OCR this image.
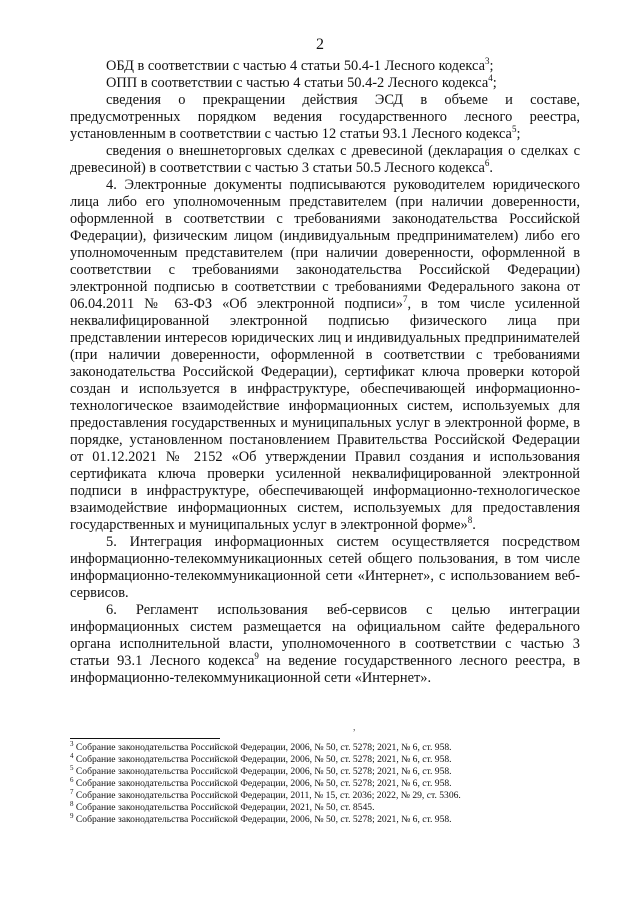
2

ОБД в соответствии с частью 4 статьи 50.4-1 Лесного кодекса$^3$;

ОПП в соответствии с частью 4 статьи 50.4-2 Лесного кодекса$^4$;

сведения о прекращении действия ЭСД в объеме и составе, предусмотренных порядком ведения государственного лесного реестра, установленным в соответствии с частью 12 статьи 93.1 Лесного кодекса$^5$;

сведения о внешнеторговых сделках с древесиной (декларация о сделках с древесиной) в соответствии с частью 3 статьи 50.5 Лесного кодекса$^6$.

4. Электронные документы подписываются руководителем юридического лица либо его уполномоченным представителем (при наличии доверенности, оформленной в соответствии с требованиями законодательства Российской Федерации), физическим лицом (индивидуальным предпринимателем) либо его уполномоченным представителем (при наличии доверенности, оформленной в соответствии с требованиями законодательства Российской Федерации) электронной подписью в соответствии с требованиями Федерального закона от 06.04.2011 № 63-ФЗ «Об электронной подписи»$^7$, в том числе усиленной неквалифицированной электронной подписью физического лица при представлении интересов юридических лиц и индивидуальных предпринимателей (при наличии доверенности, оформленной в соответствии с требованиями законодательства Российской Федерации), сертификат ключа проверки которой создан и используется в инфраструктуре, обеспечивающей информационно-технологическое взаимодействие информационных систем, используемых для предоставления государственных и муниципальных услуг в электронной форме, в порядке, установленном постановлением Правительства Российской Федерации от 01.12.2021 № 2152 «Об утверждении Правил создания и использования сертификата ключа проверки усиленной неквалифицированной электронной подписи в инфраструктуре, обеспечивающей информационно-технологическое взаимодействие информационных систем, используемых для предоставления государственных и муниципальных услуг в электронной форме»$^8$.

5. Интеграция информационных систем осуществляется посредством информационно-телекоммуникационных сетей общего пользования, в том числе информационно-телекоммуникационной сети «Интернет», с использованием веб-сервисов.

6. Регламент использования веб-сервисов с целью интеграции информационных систем размещается на официальном сайте федерального органа исполнительной власти, уполномоченного в соответствии с частью 3 статьи 93.1 Лесного кодекса$^9$ на ведение государственного лесного реестра, в информационно-телекоммуникационной сети «Интернет».

,
$^3$ Собрание законодательства Российской Федерации, 2006, № 50, ст. 5278; 2021, № 6, ст. 958.
$^4$ Собрание законодательства Российской Федерации, 2006, № 50, ст. 5278; 2021, № 6, ст. 958.
$^5$ Собрание законодательства Российской Федерации, 2006, № 50, ст. 5278; 2021, № 6, ст. 958.
$^6$ Собрание законодательства Российской Федерации, 2006, № 50, ст. 5278; 2021, № 6, ст. 958.
$^7$ Собрание законодательства Российской Федерации, 2011, № 15, ст. 2036; 2022, № 29, ст. 5306.
$^8$ Собрание законодательства Российской Федерации, 2021, № 50, ст. 8545.
$^9$ Собрание законодательства Российской Федерации, 2006, № 50, ст. 5278; 2021, № 6, ст. 958.
